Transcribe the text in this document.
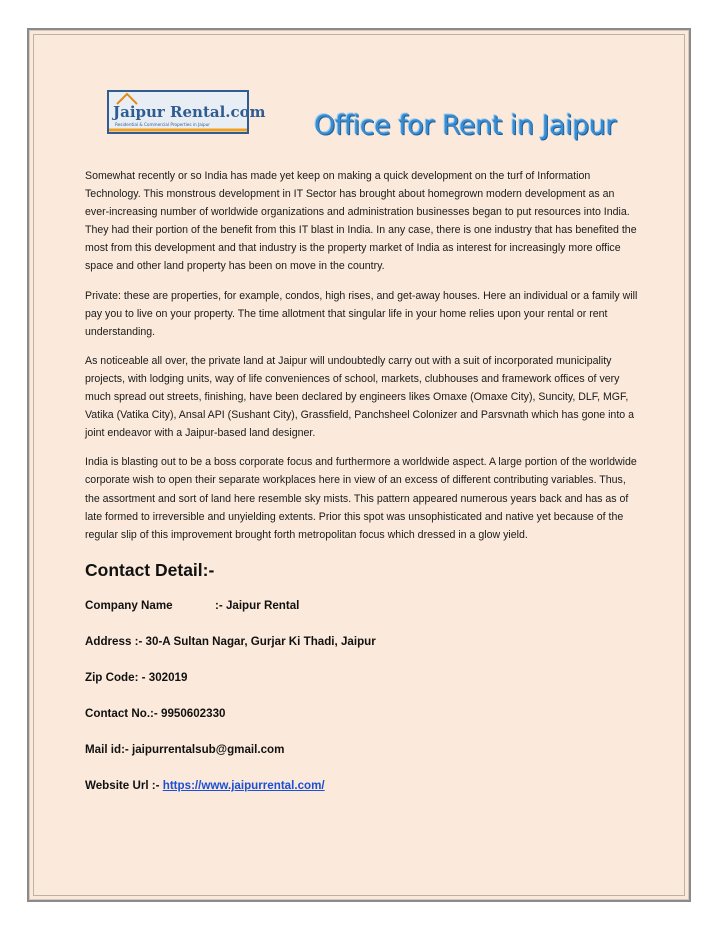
Jaipur Rental.com
Residential & Commercial Properties in Jaipur	Office for Rent in Jaipur

Somewhat recently or so India has made yet keep on making a quick development on the turf of Information Technology. This monstrous development in IT Sector has brought about homegrown modern development as an ever-increasing number of worldwide organizations and administration businesses began to put resources into India. They had their portion of the benefit from this IT blast in India. In any case, there is one industry that has benefited the most from this development and that industry is the property market of India as interest for increasingly more office space and other land property has been on move in the country.

Private: these are properties, for example, condos, high rises, and get-away houses. Here an individual or a family will pay you to live on your property. The time allotment that singular life in your home relies upon your rental or rent understanding.

As noticeable all over, the private land at Jaipur will undoubtedly carry out with a suit of incorporated municipality projects, with lodging units, way of life conveniences of school, markets, clubhouses and framework offices of very much spread out streets, finishing, have been declared by engineers likes Omaxe (Omaxe City), Suncity, DLF, MGF, Vatika (Vatika City), Ansal API (Sushant City), Grassfield, Panchsheel Colonizer and Parsvnath which has gone into a joint endeavor with a Jaipur-based land designer.

India is blasting out to be a boss corporate focus and furthermore a worldwide aspect. A large portion of the worldwide corporate wish to open their separate workplaces here in view of an excess of different contributing variables. Thus, the assortment and sort of land here resemble sky mists. This pattern appeared numerous years back and has as of late formed to irreversible and unyielding extents. Prior this spot was unsophisticated and native yet because of the regular slip of this improvement brought forth metropolitan focus which dressed in a glow yield.

Contact Detail:-
Company Name	:- Jaipur Rental
Address :- 30-A Sultan Nagar, Gurjar Ki Thadi, Jaipur
Zip Code: - 302019
Contact No.:- 9950602330
Mail id:- jaipurrentalsub@gmail.com
Website Url :- https://www.jaipurrental.com/
